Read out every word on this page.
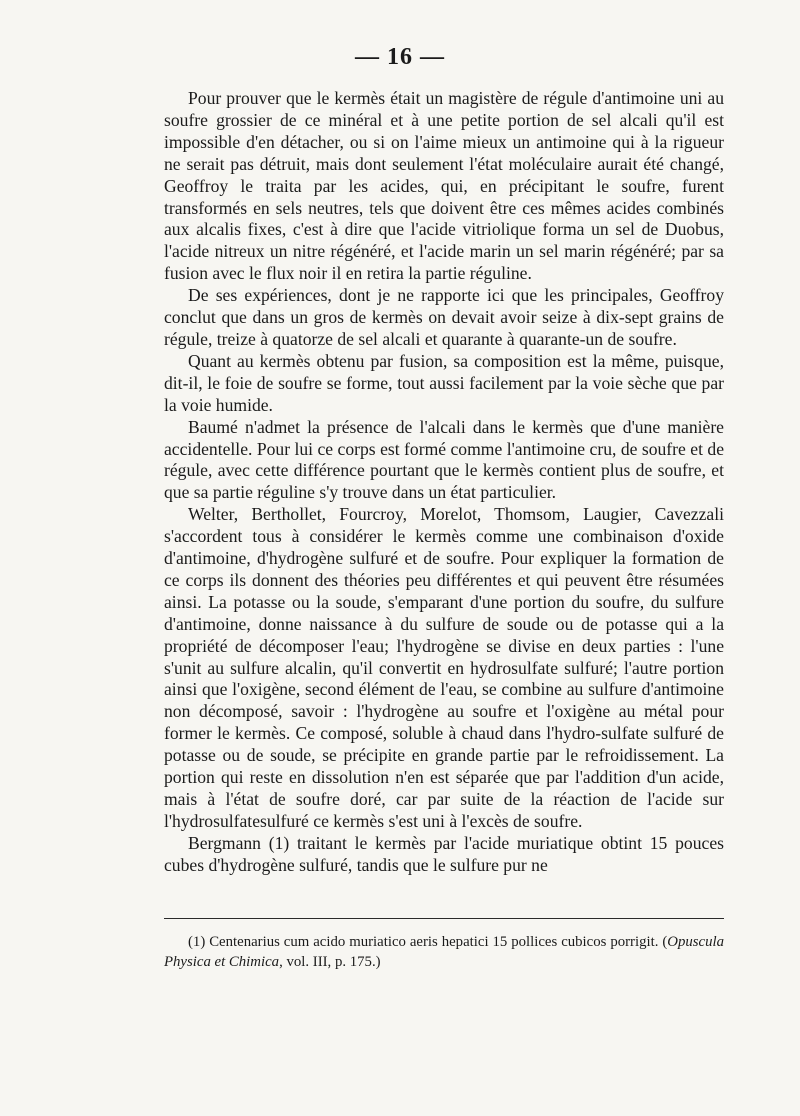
— 16 —

Pour prouver que le kermès était un magistère de régule d'antimoine uni au soufre grossier de ce minéral et à une petite portion de sel alcali qu'il est impossible d'en détacher, ou si on l'aime mieux un antimoine qui à la rigueur ne serait pas détruit, mais dont seulement l'état moléculaire aurait été changé, Geoffroy le traita par les acides, qui, en précipitant le soufre, furent transformés en sels neutres, tels que doivent être ces mêmes acides combinés aux alcalis fixes, c'est à dire que l'acide vitriolique forma un sel de Duobus, l'acide nitreux un nitre régénéré, et l'acide marin un sel marin régénéré; par sa fusion avec le flux noir il en retira la partie réguline.

De ses expériences, dont je ne rapporte ici que les principales, Geoffroy conclut que dans un gros de kermès on devait avoir seize à dix-sept grains de régule, treize à quatorze de sel alcali et quarante à quarante-un de soufre.

Quant au kermès obtenu par fusion, sa composition est la même, puisque, dit-il, le foie de soufre se forme, tout aussi facilement par la voie sèche que par la voie humide.

Baumé n'admet la présence de l'alcali dans le kermès que d'une manière accidentelle. Pour lui ce corps est formé comme l'antimoine cru, de soufre et de régule, avec cette différence pourtant que le kermès contient plus de soufre, et que sa partie réguline s'y trouve dans un état particulier.

Welter, Berthollet, Fourcroy, Morelot, Thomsom, Laugier, Cavezzali s'accordent tous à considérer le kermès comme une combinaison d'oxide d'antimoine, d'hydrogène sulfuré et de soufre. Pour expliquer la formation de ce corps ils donnent des théories peu différentes et qui peuvent être résumées ainsi. La potasse ou la soude, s'emparant d'une portion du soufre, du sulfure d'antimoine, donne naissance à du sulfure de soude ou de potasse qui a la propriété de décomposer l'eau; l'hydrogène se divise en deux parties : l'une s'unit au sulfure alcalin, qu'il convertit en hydrosulfate sulfuré; l'autre portion ainsi que l'oxigène, second élément de l'eau, se combine au sulfure d'antimoine non décomposé, savoir : l'hydrogène au soufre et l'oxigène au métal pour former le kermès. Ce composé, soluble à chaud dans l'hydro-sulfate sulfuré de potasse ou de soude, se précipite en grande partie par le refroidissement. La portion qui reste en dissolution n'en est séparée que par l'addition d'un acide, mais à l'état de soufre doré, car par suite de la réaction de l'acide sur l'hydrosulfatesulfuré ce kermès s'est uni à l'excès de soufre.

Bergmann (1) traitant le kermès par l'acide muriatique obtint 15 pouces cubes d'hydrogène sulfuré, tandis que le sulfure pur ne

(1) Centenarius cum acido muriatico aeris hepatici 15 pollices cubicos porrigit. (Opuscula Physica et Chimica, vol. III, p. 175.)
